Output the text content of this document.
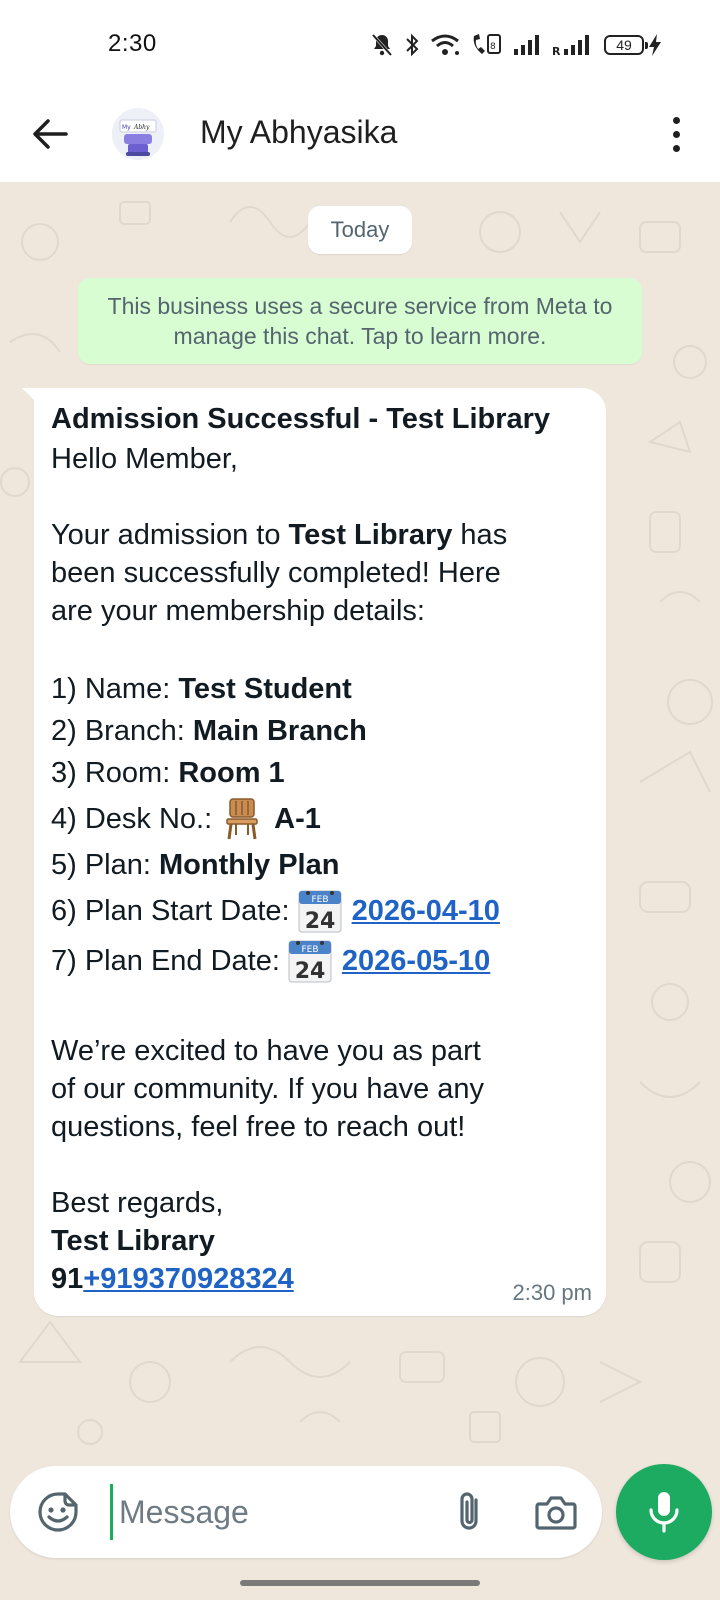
2:30	8	R	49
My Abhy My Abhyasika
Today
This business uses a secure service from Meta to manage this chat. Tap to learn more.
Admission Successful - Test Library
Hello Member,
Your admission to Test Library has
been successfully completed! Here
are your membership details:
1) Name:
Test Student
2) Branch:
Main Branch
3) Room:
Room 1
4) Desk No.: A-1
5) Plan:
Monthly Plan
6) Plan Start Date: FEB
24 2026-04-10
7) Plan End Date: FEB
24 2026-05-10
We’re excited to have you as part
of our community. If you have any
questions, feel free to reach out!
Best regards,
Test Library
91+919370928324	2:30 pm
Message
